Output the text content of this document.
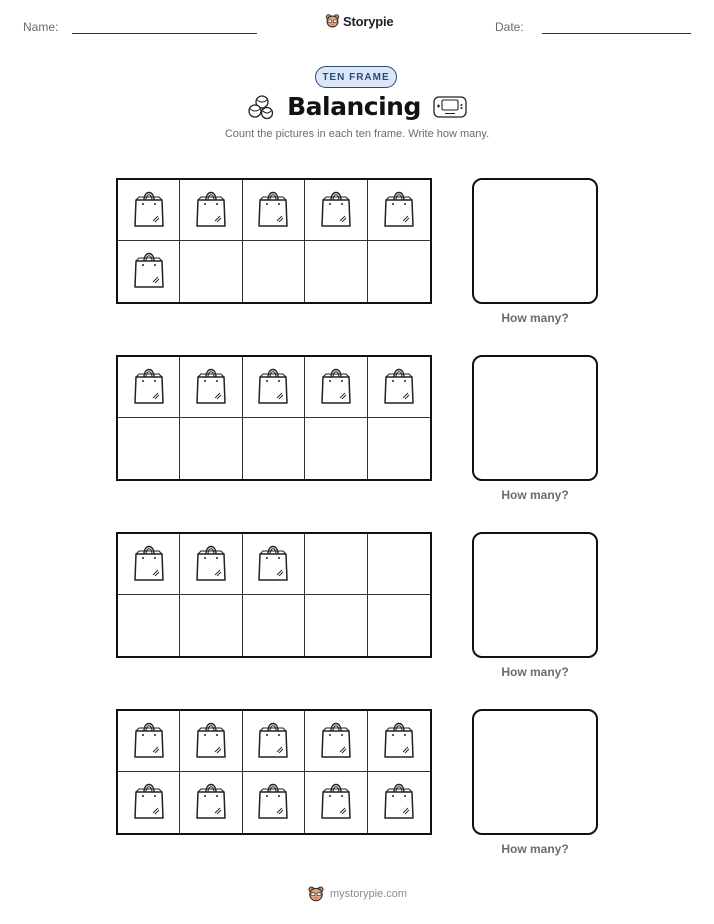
Name:	Storypie	Date:
TEN FRAME
Balancing
Count the pictures in each ten frame. Write how many.
How many?
How many?
How many?
How many?
mystorypie.com
